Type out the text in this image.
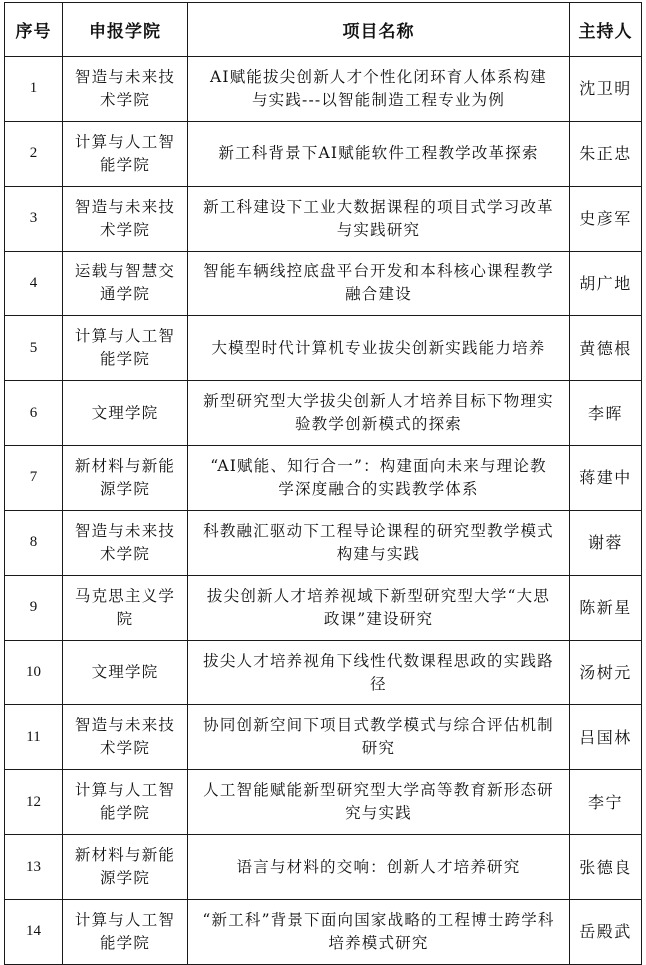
序号	申报学院	项目名称	主持人
1	智造与未来技术学院	AI赋能拔尖创新人才个性化闭环育人体系构建与实践---以智能制造工程专业为例	沈卫明
2	计算与人工智能学院	新工科背景下AI赋能软件工程教学改革探索	朱正忠
3	智造与未来技术学院	新工科建设下工业大数据课程的项目式学习改革与实践研究	史彦军
4	运载与智慧交通学院	智能车辆线控底盘平台开发和本科核心课程教学融合建设	胡广地
5	计算与人工智能学院	大模型时代计算机专业拔尖创新实践能力培养	黄德根
6	文理学院	新型研究型大学拔尖创新人才培养目标下物理实验教学创新模式的探索	李晖
7	新材料与新能源学院	“AI赋能、知行合一”：构建面向未来与理论教学深度融合的实践教学体系	蒋建中
8	智造与未来技术学院	科教融汇驱动下工程导论课程的研究型教学模式构建与实践	谢蓉
9	马克思主义学院	拔尖创新人才培养视域下新型研究型大学“大思政课”建设研究	陈新星
10	文理学院	拔尖人才培养视角下线性代数课程思政的实践路径	汤树元
11	智造与未来技术学院	协同创新空间下项目式教学模式与综合评估机制研究	吕国林
12	计算与人工智能学院	人工智能赋能新型研究型大学高等教育新形态研究与实践	李宁
13	新材料与新能源学院	语言与材料的交响：创新人才培养研究	张德良
14	计算与人工智能学院	“新工科”背景下面向国家战略的工程博士跨学科培养模式研究	岳殿武
